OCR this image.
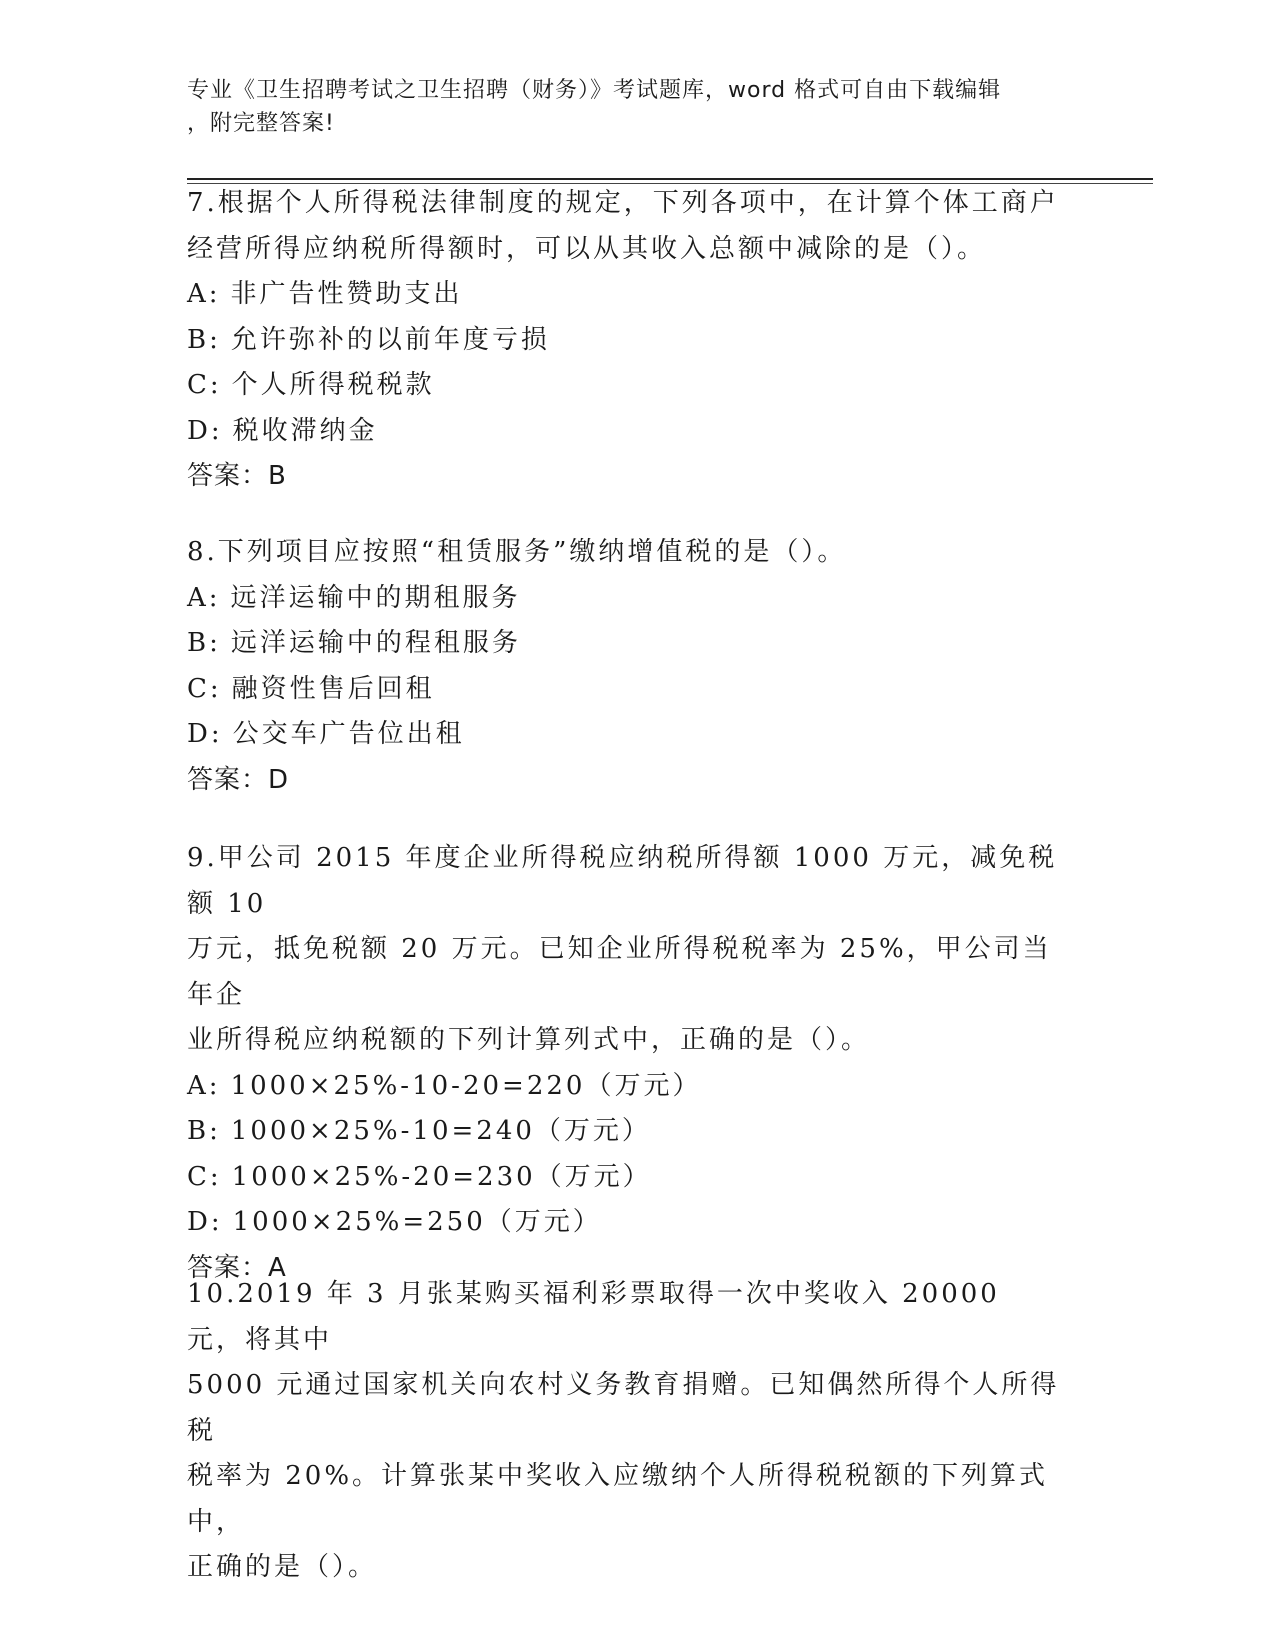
专业《卫生招聘考试之卫生招聘（财务）》考试题库，word 格式可自由下载编辑
，附完整答案!

7.根据个人所得税法律制度的规定，下列各项中，在计算个体工商户

经营所得应纳税所得额时，可以从其收入总额中减除的是（）。

A: 非广告性赞助支出

B: 允许弥补的以前年度亏损

C: 个人所得税税款

D: 税收滞纳金

答案：B

8.下列项目应按照“租赁服务”缴纳增值税的是（）。

A: 远洋运输中的期租服务

B: 远洋运输中的程租服务

C: 融资性售后回租

D: 公交车广告位出租

答案：D

9.甲公司 2015 年度企业所得税应纳税所得额 1000 万元，减免税额 10

万元，抵免税额 20 万元。已知企业所得税税率为 25%，甲公司当年企

业所得税应纳税额的下列计算列式中，正确的是（）。

A: 1000×25%-10-20=220（万元）

B: 1000×25%-10=240（万元）

C: 1000×25%-20=230（万元）

D: 1000×25%=250（万元）

答案：A

10.2019 年 3 月张某购买福利彩票取得一次中奖收入 20000 元，将其中

5000 元通过国家机关向农村义务教育捐赠。已知偶然所得个人所得税

税率为 20%。计算张某中奖收入应缴纳个人所得税税额的下列算式中，

正确的是（）。
